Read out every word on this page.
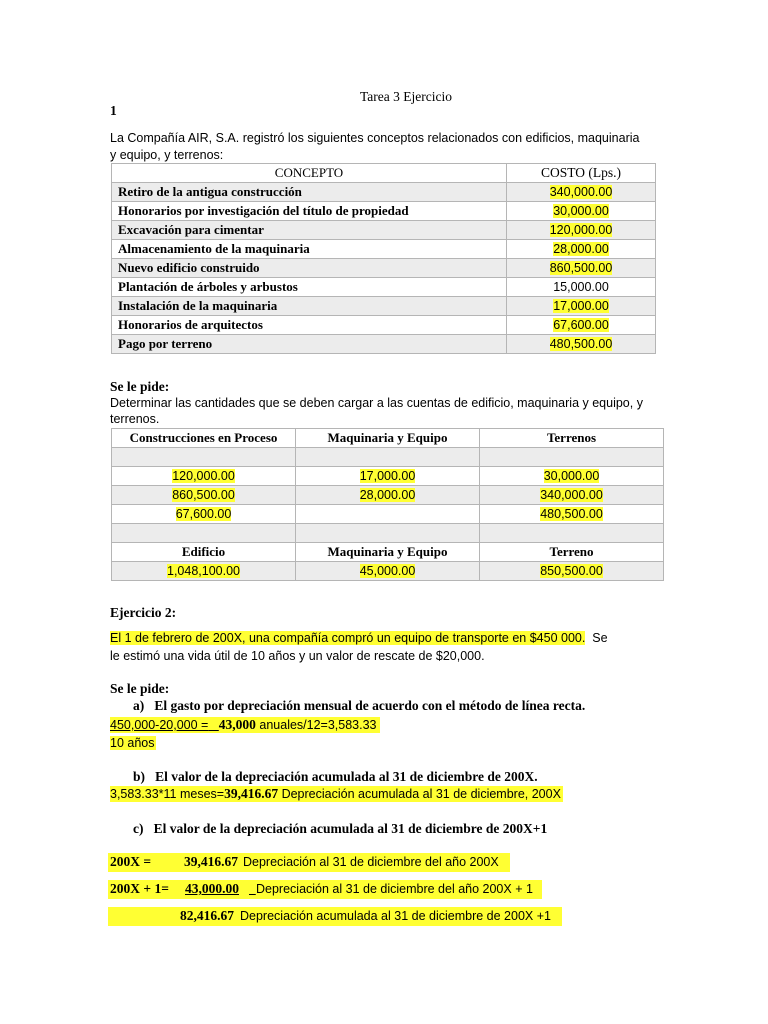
Tarea 3 Ejercicio
1
La Compañía AIR, S.A. registró los siguientes conceptos relacionados con edificios, maquinaria
y equipo, y terrenos:
CONCEPTO	COSTO (Lps.)
Retiro de la antigua construcción	340,000.00
Honorarios por investigación del título de propiedad	30,000.00
Excavación para cimentar	120,000.00
Almacenamiento de la maquinaria	28,000.00
Nuevo edificio construido	860,500.00
Plantación de árboles y arbustos	15,000.00
Instalación de la maquinaria	17,000.00
Honorarios de arquitectos	67,600.00
Pago por terreno	480,500.00
Se le pide:
Determinar las cantidades que se deben cargar a las cuentas de edificio, maquinaria y equipo, y
terrenos.
Construcciones en Proceso	Maquinaria y Equipo	Terrenos

120,000.00	17,000.00	30,000.00
860,500.00	28,000.00	340,000.00
67,600.00		480,500.00

Edificio	Maquinaria y Equipo	Terreno
1,048,100.00	45,000.00	850,500.00
Ejercicio 2:
El 1 de febrero de 200X, una compañía compró un equipo de transporte en $450 000. Se
le estimó una vida útil de 10 años y un valor de rescate de $20,000.
Se le pide:
a) El gasto por depreciación mensual de acuerdo con el método de línea recta.
450,000-20,000 = 43,000 anuales/12=3,583.33
10 años
b) El valor de la depreciación acumulada al 31 de diciembre de 200X.
3,583.33*11 meses=39,416.67 Depreciación acumulada al 31 de diciembre, 200X
c) El valor de la depreciación acumulada al 31 de diciembre de 200X+1
200X = 39,416.67 Depreciación al 31 de diciembre del año 200X
200X + 1= 43,000.00
Depreciación al 31 de diciembre del año 200X + 1
82,416.67 Depreciación acumulada al 31 de diciembre de 200X +1
